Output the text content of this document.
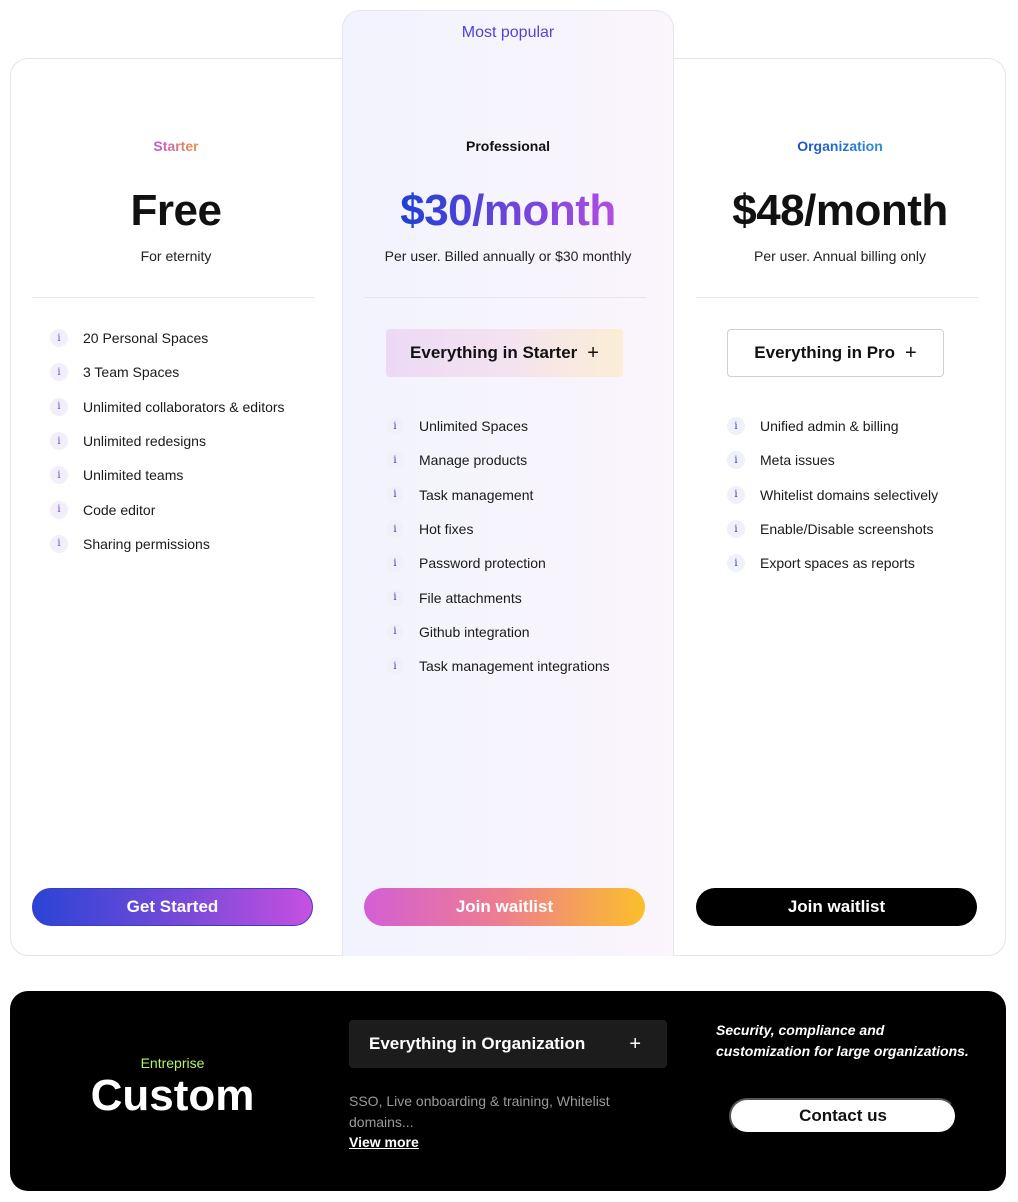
Most popular
Starter
Free
For eternity
i	20 Personal Spaces
i	3 Team Spaces
i	Unlimited collaborators & editors
i	Unlimited redesigns
i	Unlimited teams
i	Code editor
i	Sharing permissions
Get Started
Professional
$30/month
Per user. Billed annually or $30 monthly
Everything in Starter +
i	Unlimited Spaces
i	Manage products
i	Task management
i	Hot fixes
i	Password protection
i	File attachments
i	Github integration
i	Task management integrations
Join waitlist
Organization
$48/month
Per user. Annual billing only
Everything in Pro +
i	Unified admin & billing
i	Meta issues
i	Whitelist domains selectively
i	Enable/Disable screenshots
i	Export spaces as reports
Join waitlist
Entreprise
Custom
Everything in Organization +
SSO, Live onboarding & training, Whitelist domains...
View more
Security, compliance and customization for large organizations.
Contact us
